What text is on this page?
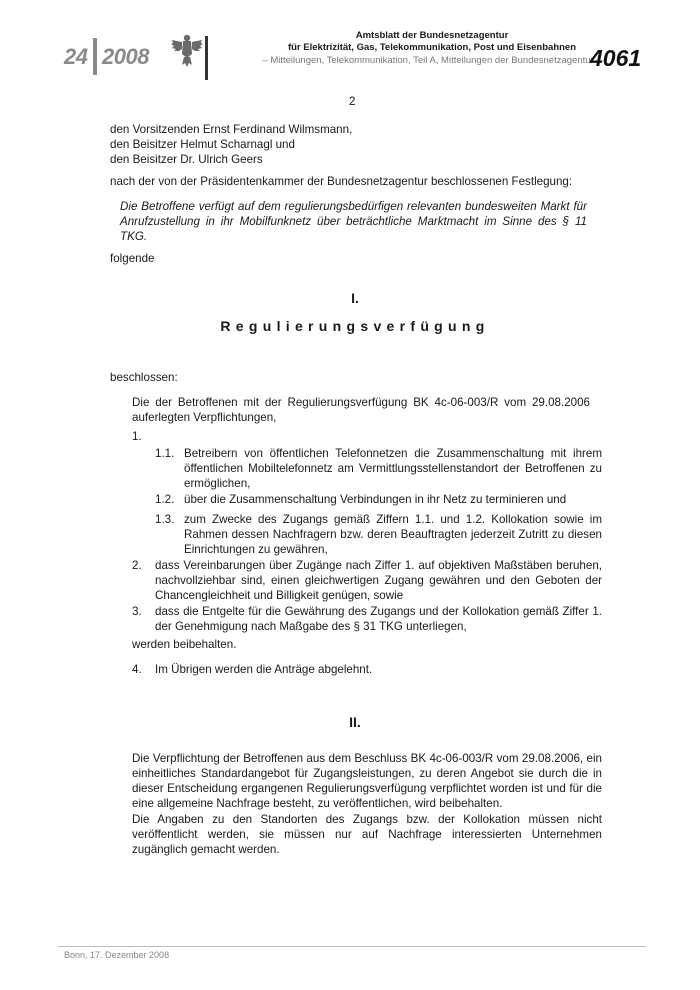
24 2008
Amtsblatt der Bundesnetzagentur
für Elektrizität, Gas, Telekommunikation, Post und Eisenbahnen
– Mitteilungen, Telekommunikation, Teil A, Mitteilungen der Bundesnetzagentur –
4061
2
den Vorsitzenden Ernst Ferdinand Wilmsmann,
den Beisitzer Helmut Scharnagl und
den Beisitzer Dr. Ulrich Geers
nach der von der Präsidentenkammer der Bundesnetzagentur beschlossenen Festlegung:
Die Betroffene verfügt auf dem regulierungsbedürfigen relevanten bundesweiten Markt für Anrufzustellung in ihr Mobilfunknetz über beträchtliche Marktmacht im Sinne des § 11 TKG.
folgende
I.
Regulierungsverfügung
beschlossen:
Die der Betroffenen mit der Regulierungsverfügung BK 4c-06-003/R vom 29.08.2006 auferlegten Verpflichtungen,
1.
1.1. Betreibern von öffentlichen Telefonnetzen die Zusammenschaltung mit ihrem öffentlichen Mobiltelefonnetz am Vermittlungsstellenstandort der Betroffenen zu ermöglichen,
1.2. über die Zusammenschaltung Verbindungen in ihr Netz zu terminieren und
1.3. zum Zwecke des Zugangs gemäß Ziffern 1.1. und 1.2. Kollokation sowie im Rahmen dessen Nachfragern bzw. deren Beauftragten jederzeit Zutritt zu diesen Einrichtungen zu gewähren,
2. dass Vereinbarungen über Zugänge nach Ziffer 1. auf objektiven Maßstäben beruhen, nachvollziehbar sind, einen gleichwertigen Zugang gewähren und den Geboten der Chancengleichheit und Billigkeit genügen, sowie
3. dass die Entgelte für die Gewährung des Zugangs und der Kollokation gemäß Ziffer 1. der Genehmigung nach Maßgabe des § 31 TKG unterliegen,
werden beibehalten.
4. Im Übrigen werden die Anträge abgelehnt.
II.
Die Verpflichtung der Betroffenen aus dem Beschluss BK 4c-06-003/R vom 29.08.2006, ein einheitliches Standardangebot für Zugangsleistungen, zu deren Angebot sie durch die in dieser Entscheidung ergangenen Regulierungsverfügung verpflichtet worden ist und für die eine allgemeine Nachfrage besteht, zu veröffentlichen, wird beibehalten.
Die Angaben zu den Standorten des Zugangs bzw. der Kollokation müssen nicht veröffentlicht werden, sie müssen nur auf Nachfrage interessierten Unternehmen zugänglich gemacht werden.
Bonn, 17. Dezember 2008
